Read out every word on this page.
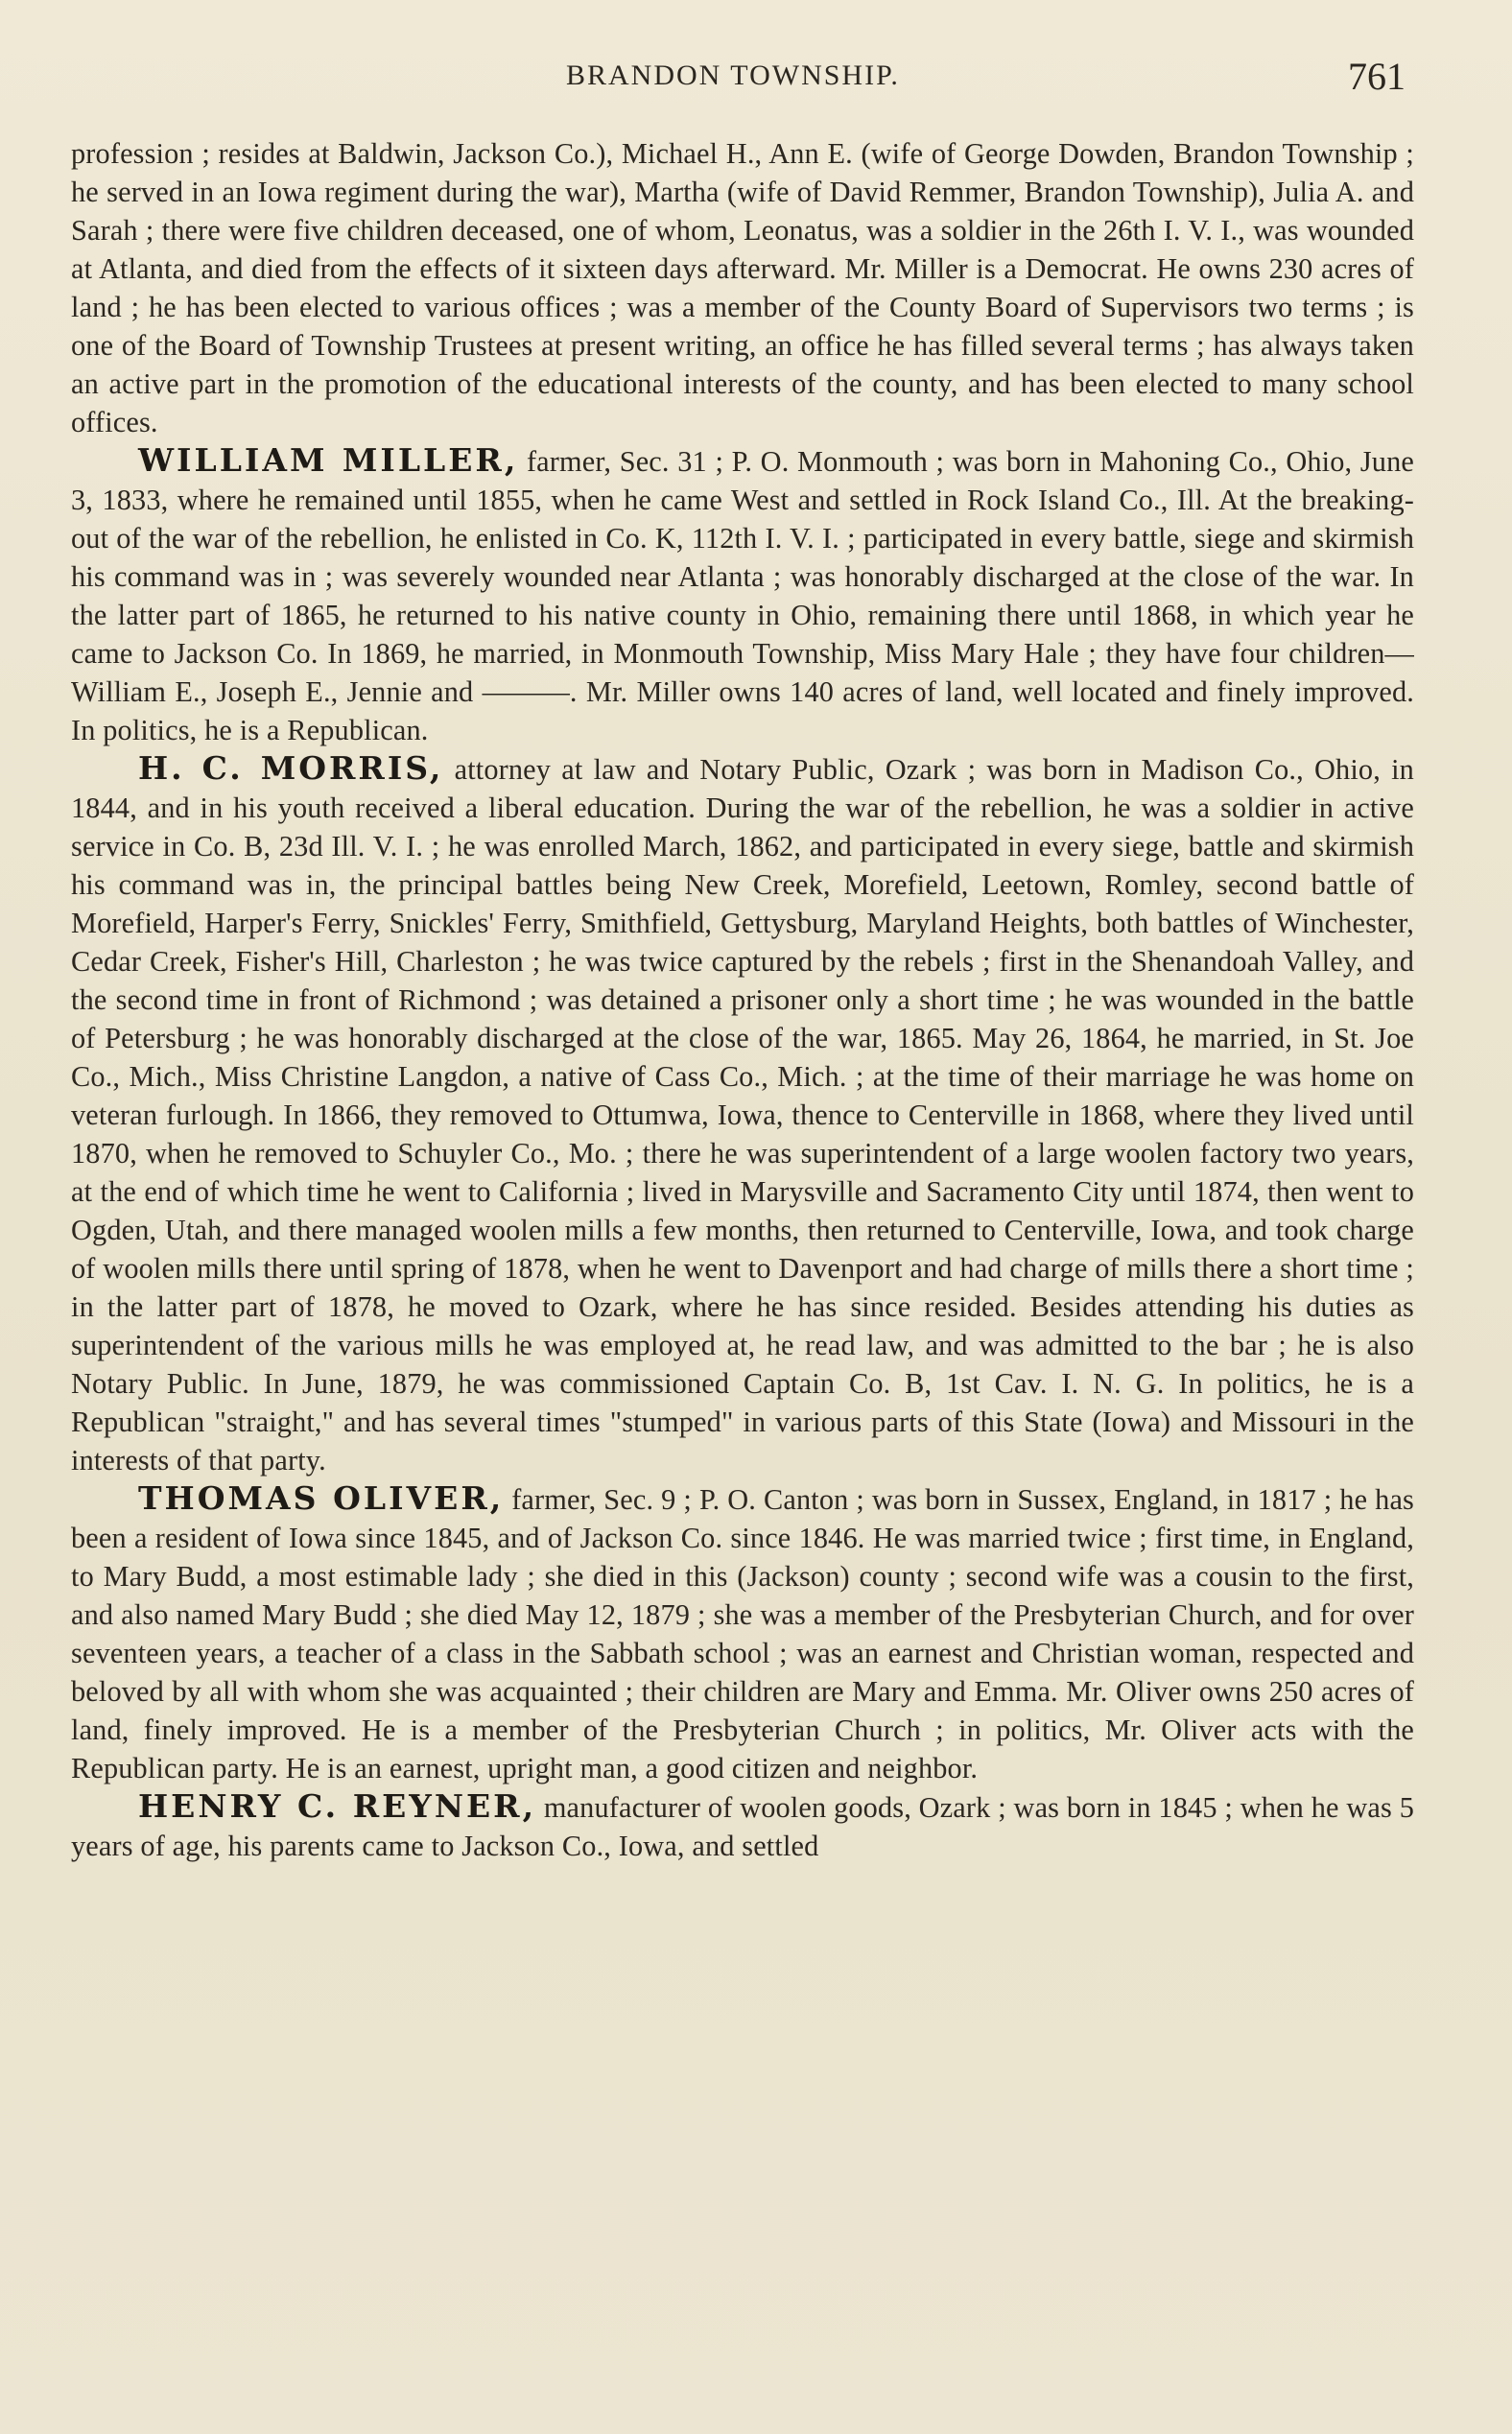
BRANDON TOWNSHIP.	761

profession ; resides at Baldwin, Jackson Co.), Michael H., Ann E. (wife of George Dowden, Brandon Township ; he served in an Iowa regiment during the war), Martha (wife of David Remmer, Brandon Township), Julia A. and Sarah ; there were five children deceased, one of whom, Leonatus, was a soldier in the 26th I. V. I., was wounded at Atlanta, and died from the effects of it sixteen days afterward. Mr. Miller is a Democrat. He owns 230 acres of land ; he has been elected to various offices ; was a member of the County Board of Supervisors two terms ; is one of the Board of Township Trustees at present writing, an office he has filled several terms ; has always taken an active part in the promotion of the educational interests of the county, and has been elected to many school offices.

WILLIAM MILLER, farmer, Sec. 31 ; P. O. Monmouth ; was born in Mahoning Co., Ohio, June 3, 1833, where he remained until 1855, when he came West and settled in Rock Island Co., Ill. At the breaking-out of the war of the rebellion, he enlisted in Co. K, 112th I. V. I. ; participated in every battle, siege and skirmish his command was in ; was severely wounded near Atlanta ; was honorably discharged at the close of the war. In the latter part of 1865, he returned to his native county in Ohio, remaining there until 1868, in which year he came to Jackson Co. In 1869, he married, in Monmouth Township, Miss Mary Hale ; they have four children—William E., Joseph E., Jennie and ———. Mr. Miller owns 140 acres of land, well located and finely improved. In politics, he is a Republican.

H. C. MORRIS, attorney at law and Notary Public, Ozark ; was born in Madison Co., Ohio, in 1844, and in his youth received a liberal education. During the war of the rebellion, he was a soldier in active service in Co. B, 23d Ill. V. I. ; he was enrolled March, 1862, and participated in every siege, battle and skirmish his command was in, the principal battles being New Creek, Morefield, Leetown, Romley, second battle of Morefield, Harper's Ferry, Snickles' Ferry, Smithfield, Gettysburg, Maryland Heights, both battles of Winchester, Cedar Creek, Fisher's Hill, Charleston ; he was twice captured by the rebels ; first in the Shenandoah Valley, and the second time in front of Richmond ; was detained a prisoner only a short time ; he was wounded in the battle of Petersburg ; he was honorably discharged at the close of the war, 1865. May 26, 1864, he married, in St. Joe Co., Mich., Miss Christine Langdon, a native of Cass Co., Mich. ; at the time of their marriage he was home on veteran furlough. In 1866, they removed to Ottumwa, Iowa, thence to Centerville in 1868, where they lived until 1870, when he removed to Schuyler Co., Mo. ; there he was superintendent of a large woolen factory two years, at the end of which time he went to California ; lived in Marysville and Sacramento City until 1874, then went to Ogden, Utah, and there managed woolen mills a few months, then returned to Centerville, Iowa, and took charge of woolen mills there until spring of 1878, when he went to Davenport and had charge of mills there a short time ; in the latter part of 1878, he moved to Ozark, where he has since resided. Besides attending his duties as superintendent of the various mills he was employed at, he read law, and was admitted to the bar ; he is also Notary Public. In June, 1879, he was commissioned Captain Co. B, 1st Cav. I. N. G. In politics, he is a Republican "straight," and has several times "stumped" in various parts of this State (Iowa) and Missouri in the interests of that party.

THOMAS OLIVER, farmer, Sec. 9 ; P. O. Canton ; was born in Sussex, England, in 1817 ; he has been a resident of Iowa since 1845, and of Jackson Co. since 1846. He was married twice ; first time, in England, to Mary Budd, a most estimable lady ; she died in this (Jackson) county ; second wife was a cousin to the first, and also named Mary Budd ; she died May 12, 1879 ; she was a member of the Presbyterian Church, and for over seventeen years, a teacher of a class in the Sabbath school ; was an earnest and Christian woman, respected and beloved by all with whom she was acquainted ; their children are Mary and Emma. Mr. Oliver owns 250 acres of land, finely improved. He is a member of the Presbyterian Church ; in politics, Mr. Oliver acts with the Republican party. He is an earnest, upright man, a good citizen and neighbor.

HENRY C. REYNER, manufacturer of woolen goods, Ozark ; was born in 1845 ; when he was 5 years of age, his parents came to Jackson Co., Iowa, and settled
